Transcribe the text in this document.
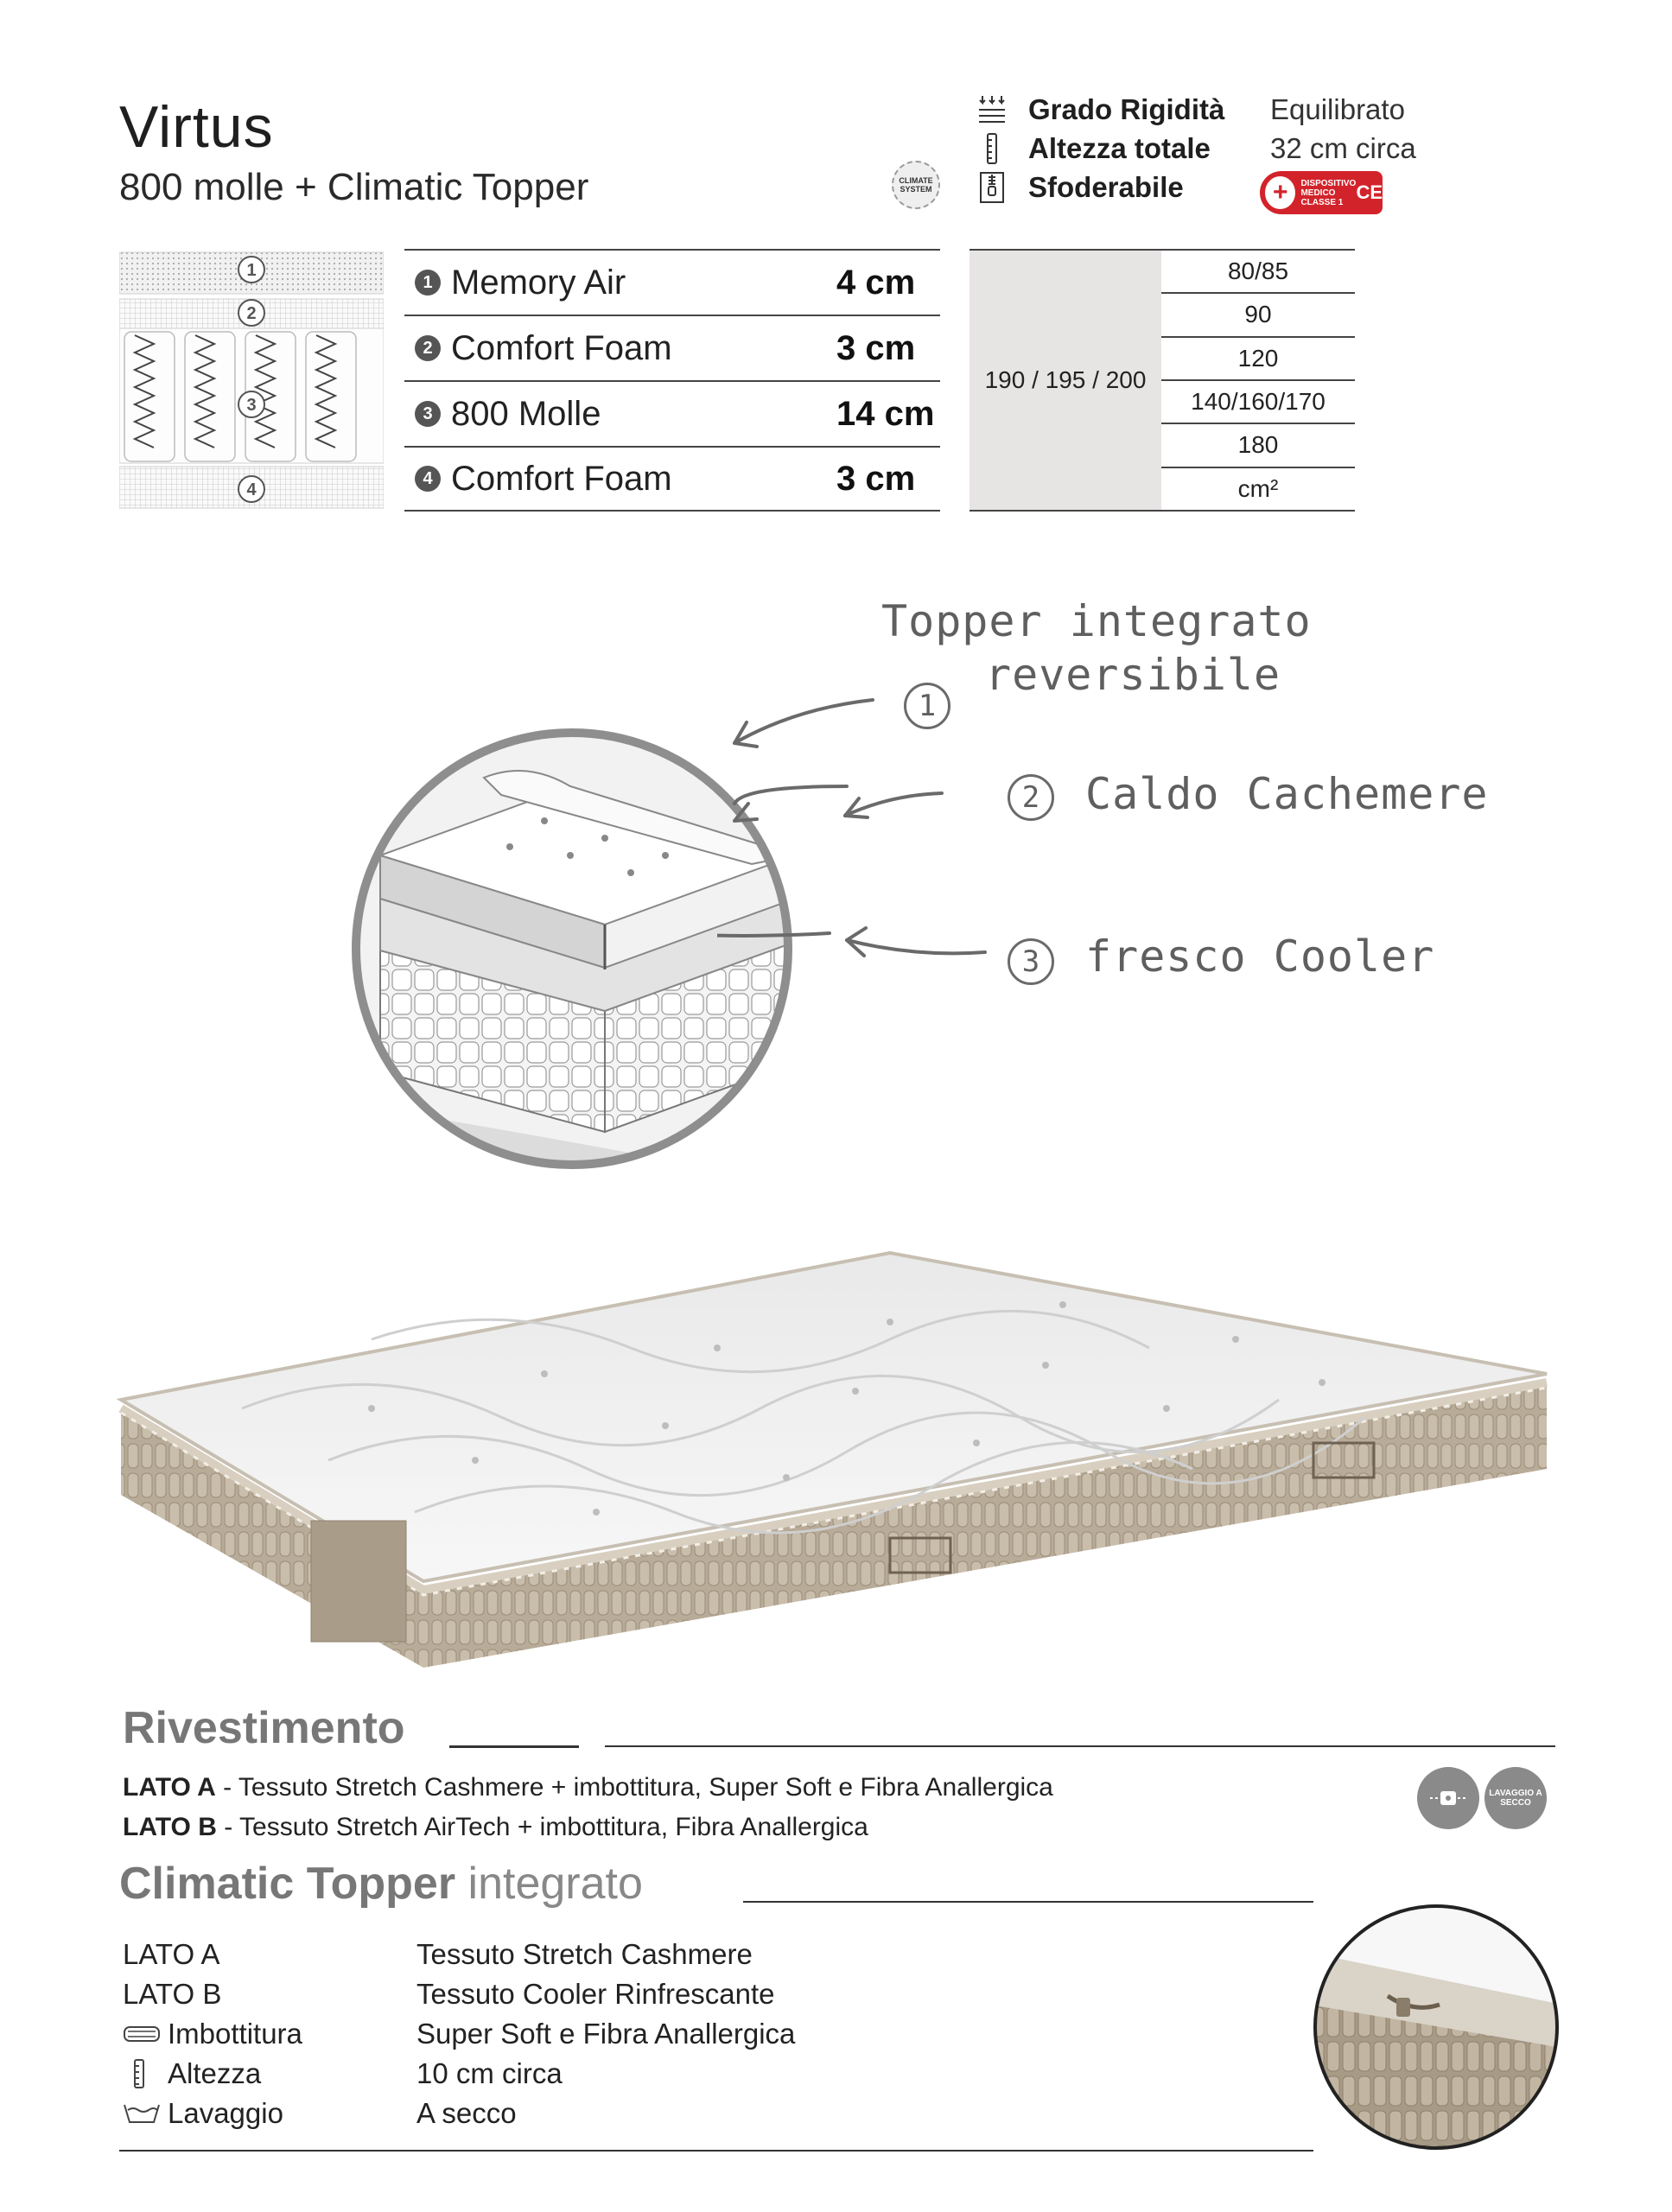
Virtus
800 molle + Climatic Topper	CLIMATE SYSTEM
Grado Rigidità	Equilibrato
Altezza totale	32 cm circa
Sfoderabile	+	DISPOSITIVO MEDICO CLASSE 1 CE
1
2
3
4
1 Memory Air	4 cm
2 Comfort Foam	3 cm
3 800 Molle	14 cm
4 Comfort Foam	3 cm
190 / 195 / 200
80/85
90
120
140/160/170
180
cm²
Topper integrato
reversibile
1
2	Caldo Cachemere
3	fresco Cooler
Rivestimento
LATO A - Tessuto Stretch Cashmere + imbottitura, Super Soft e Fibra Anallergica
LATO B - Tessuto Stretch AirTech + imbottitura, Fibra Anallergica
LAVAGGIO A SECCO
Climatic Topper integrato
LATO A	Tessuto Stretch Cashmere
LATO B	Tessuto Cooler Rinfrescante
Imbottitura	Super Soft e Fibra Anallergica
Altezza	10 cm circa
Lavaggio	A secco
